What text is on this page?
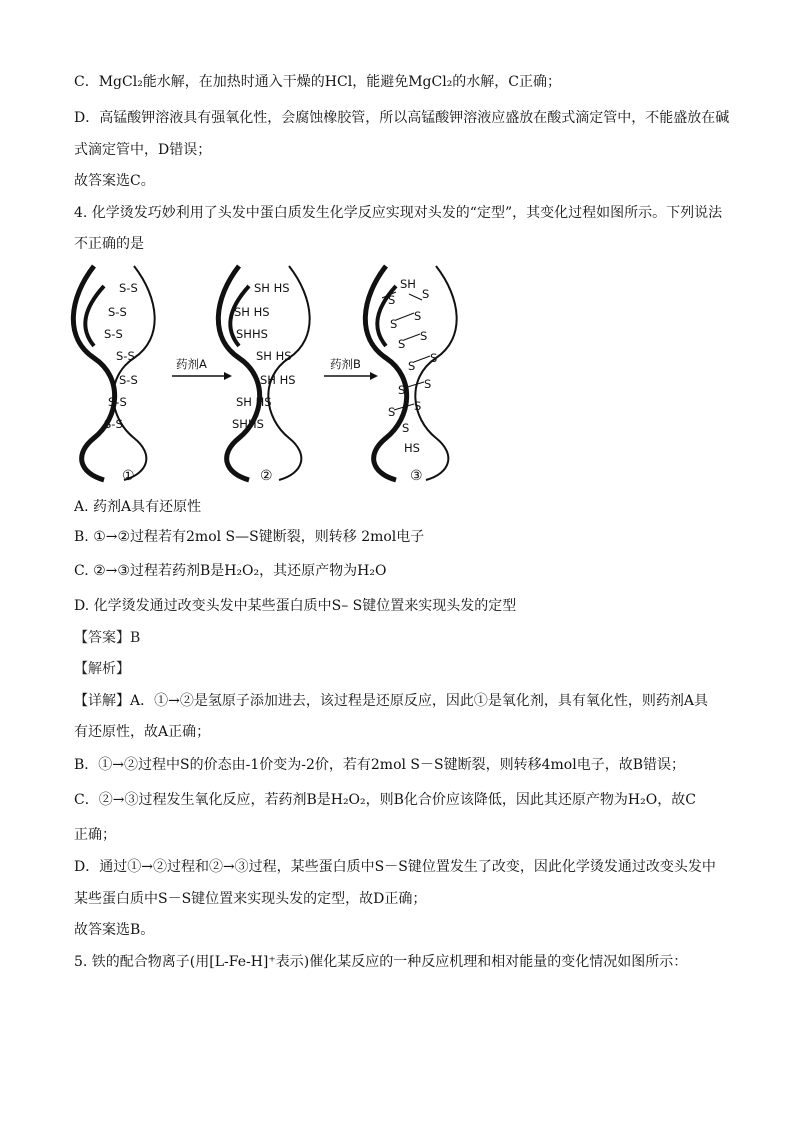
C．MgCl₂能水解，在加热时通入干燥的HCl，能避免MgCl₂的水解，C正确；
D．高锰酸钾溶液具有强氧化性，会腐蚀橡胶管，所以高锰酸钾溶液应盛放在酸式滴定管中，不能盛放在碱
式滴定管中，D错误；
故答案选C。
4. 化学烫发巧妙利用了头发中蛋白质发生化学反应实现对头发的“定型”，其变化过程如图所示。下列说法
不正确的是
S-S
S-S
S-S
S-S
S-S
S-S
S-S
①
药剂A
SH HS
SH HS
SHHS
SH HS
SH HS
SH HS
SHHS
②
药剂B
SH
S S
S
S
S
S
S
S
S S
S S
S
HS
③
A. 药剂A具有还原性
B. ①→②过程若有2mol S—S键断裂，则转移 2mol电子
C. ②→③过程若药剂B是H₂O₂，其还原产物为H₂O
D. 化学烫发通过改变头发中某些蛋白质中S– S键位置来实现头发的定型
【答案】B
【解析】
【详解】A．①→②是氢原子添加进去，该过程是还原反应，因此①是氧化剂，具有氧化性，则药剂A具
有还原性，故A正确；
B．①→②过程中S的价态由-1价变为-2价，若有2mol S－S键断裂，则转移4mol电子，故B错误；
C．②→③过程发生氧化反应，若药剂B是H₂O₂，则B化合价应该降低，因此其还原产物为H₂O，故C
正确；
D．通过①→②过程和②→③过程，某些蛋白质中S－S键位置发生了改变，因此化学烫发通过改变头发中
某些蛋白质中S－S键位置来实现头发的定型，故D正确；
故答案选B。
5. 铁的配合物离子(用[L-Fe-H]⁺表示)催化某反应的一种反应机理和相对能量的变化情况如图所示：
